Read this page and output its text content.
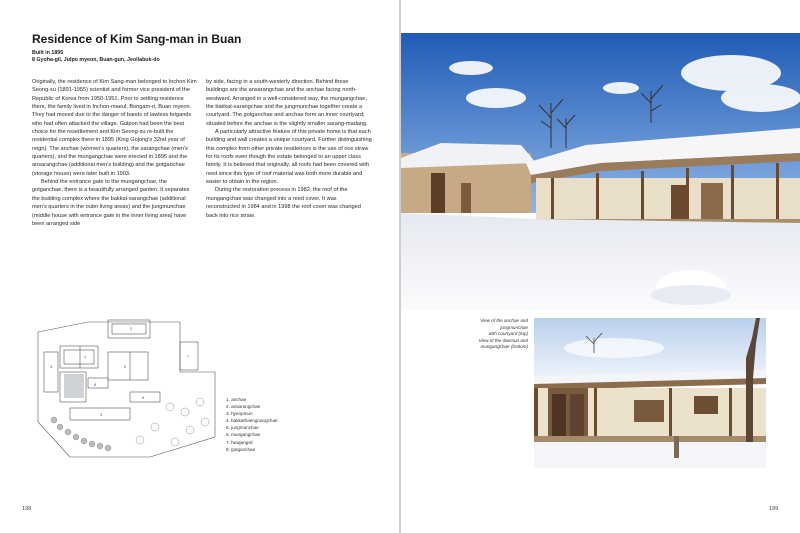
Residence of Kim Sang-man in Buan
Built in 1895
8 Gyoha-gil, Julpo myeon, Buan-gun, Jeollabuk-do

Originally, the residence of Kim Sang-man belonged to Inchon Kim Seong-su (1891-1955) scientist and former vice president of the Republic of Korea from 1950-1951. Prior to settling residence there, the family lived in Inchon-maeul, Bongam-ri, Buan myeon. They had moved due to the danger of bands of lawless brigands who had often attacked the village. Gulpon had been the best choice for the resettlement and Kim Seong-su re-built the residential complex there in 1895 (King Gojong's 32nd year of reign). The anchae (women's quarters), the sarangchae (men's quarters), and the mungangchae were erected in 1895 and the ansarangchae (additional men's building) and the gotganchae (storage house) were later built in 1903.

Behind the entrance gate to the mungangchae, the gotganchae, there is a beautifully arranged garden. It separates the building complex where the bakkat-sarangchae (additional men's quarters in the outer living areas) and the jungmunchae (middle house with entrance gate in the inner living area) have been arranged side

by side, facing in a south-westerly direction. Behind these buildings are the ansarangchae and the anchae facing north-westward. Arranged in a well-considered way, the mungangchae, the bakkat-sarangchae and the jungmunchae together create a courtyard. The gotganchae and anchae form an inner courtyard; situated before the anchae is the slightly smaller sarang-madang.

A particularly attractive feature of this private home is that each building and wall creates a unique courtyard. Further distinguishing this complex from other private residences is the use of rice straw for its roofs even though the estate belonged to an upper class family. It is believed that originally, all roofs had been covered with reed since this type of roof material was both more durable and easier to obtain in the region.

During the restoration process in 1982, the roof of the mungangchae was changed into a reed cover. It was reconstructed in 1984 and in 1998 the roof cover was changed back into rice straw.

1
2
3
4
5
6
7
8
1. anchae
2. ansarangchae
3. hyeopmun
4. bakkathaengnangchae
5. jungmunchae
6. mungangchae
7. hwajangsil
8. gotganchae
198
View of the anchae and
jungmunchae
with courtyard (top)
View of the daemun and
mungangchae (bottom)
199
